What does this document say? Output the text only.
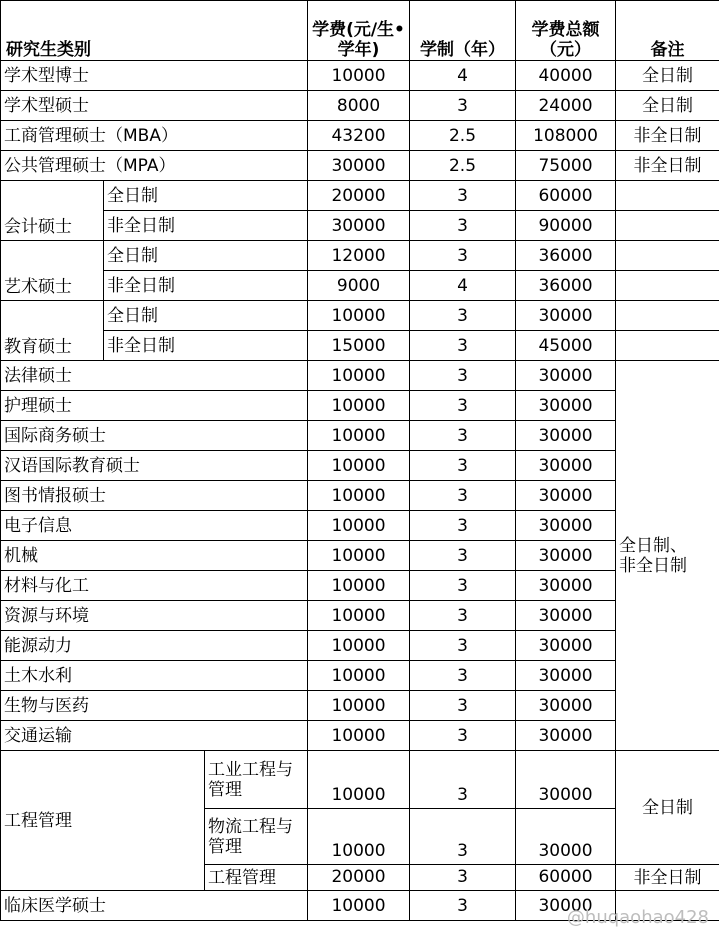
研究生类别			学费(元/生•学年)	学制（年）	学费总额（元）	备注
学术型博士			10000	4	40000	全日制
学术型硕士			8000	3	24000	全日制
工商管理硕士（MBA）			43200	2.5	108000	非全日制
公共管理硕士（MPA）			30000	2.5	75000	非全日制
会计硕士	全日制		20000	3	60000	
	非全日制		30000	3	90000	
艺术硕士	全日制		12000	3	36000	
	非全日制		9000	4	36000	
教育硕士	全日制		10000	3	30000	
	非全日制		15000	3	45000	
法律硕士			10000	3	30000	全日制、非全日制
护理硕士			10000	3	30000	
国际商务硕士			10000	3	30000	
汉语国际教育硕士			10000	3	30000	
图书情报硕士			10000	3	30000	
电子信息			10000	3	30000	
机械			10000	3	30000	
材料与化工			10000	3	30000	
资源与环境			10000	3	30000	
能源动力			10000	3	30000	
土木水利			10000	3	30000	
生物与医药			10000	3	30000	
交通运输			10000	3	30000	
工程管理		工业工程与管理	10000	3	30000	全日制
		物流工程与管理	10000	3	30000	
		工程管理	20000	3	60000	非全日制
临床医学硕士			10000	3	30000	
@huqaohao428
